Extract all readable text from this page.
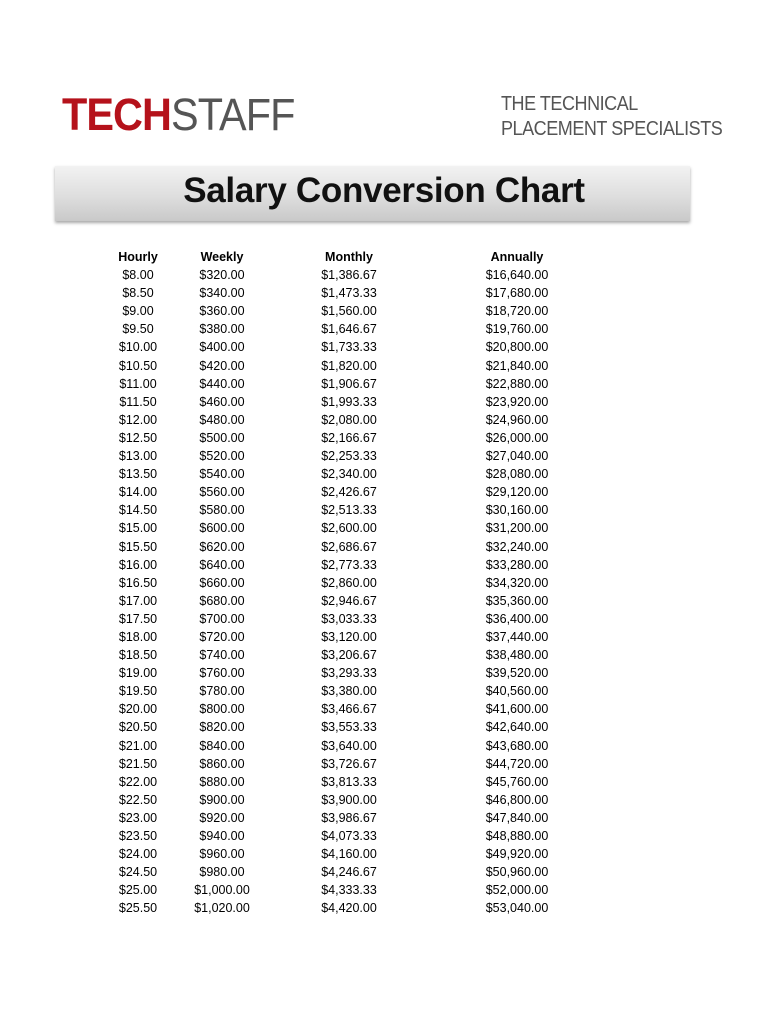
TECHSTAFF	THE TECHNICAL
PLACEMENT SPECIALISTS
Salary Conversion Chart
Hourly	Weekly	Monthly	Annually
$8.00	$320.00	$1,386.67	$16,640.00
$8.50	$340.00	$1,473.33	$17,680.00
$9.00	$360.00	$1,560.00	$18,720.00
$9.50	$380.00	$1,646.67	$19,760.00
$10.00	$400.00	$1,733.33	$20,800.00
$10.50	$420.00	$1,820.00	$21,840.00
$11.00	$440.00	$1,906.67	$22,880.00
$11.50	$460.00	$1,993.33	$23,920.00
$12.00	$480.00	$2,080.00	$24,960.00
$12.50	$500.00	$2,166.67	$26,000.00
$13.00	$520.00	$2,253.33	$27,040.00
$13.50	$540.00	$2,340.00	$28,080.00
$14.00	$560.00	$2,426.67	$29,120.00
$14.50	$580.00	$2,513.33	$30,160.00
$15.00	$600.00	$2,600.00	$31,200.00
$15.50	$620.00	$2,686.67	$32,240.00
$16.00	$640.00	$2,773.33	$33,280.00
$16.50	$660.00	$2,860.00	$34,320.00
$17.00	$680.00	$2,946.67	$35,360.00
$17.50	$700.00	$3,033.33	$36,400.00
$18.00	$720.00	$3,120.00	$37,440.00
$18.50	$740.00	$3,206.67	$38,480.00
$19.00	$760.00	$3,293.33	$39,520.00
$19.50	$780.00	$3,380.00	$40,560.00
$20.00	$800.00	$3,466.67	$41,600.00
$20.50	$820.00	$3,553.33	$42,640.00
$21.00	$840.00	$3,640.00	$43,680.00
$21.50	$860.00	$3,726.67	$44,720.00
$22.00	$880.00	$3,813.33	$45,760.00
$22.50	$900.00	$3,900.00	$46,800.00
$23.00	$920.00	$3,986.67	$47,840.00
$23.50	$940.00	$4,073.33	$48,880.00
$24.00	$960.00	$4,160.00	$49,920.00
$24.50	$980.00	$4,246.67	$50,960.00
$25.00	$1,000.00	$4,333.33	$52,000.00
$25.50	$1,020.00	$4,420.00	$53,040.00
